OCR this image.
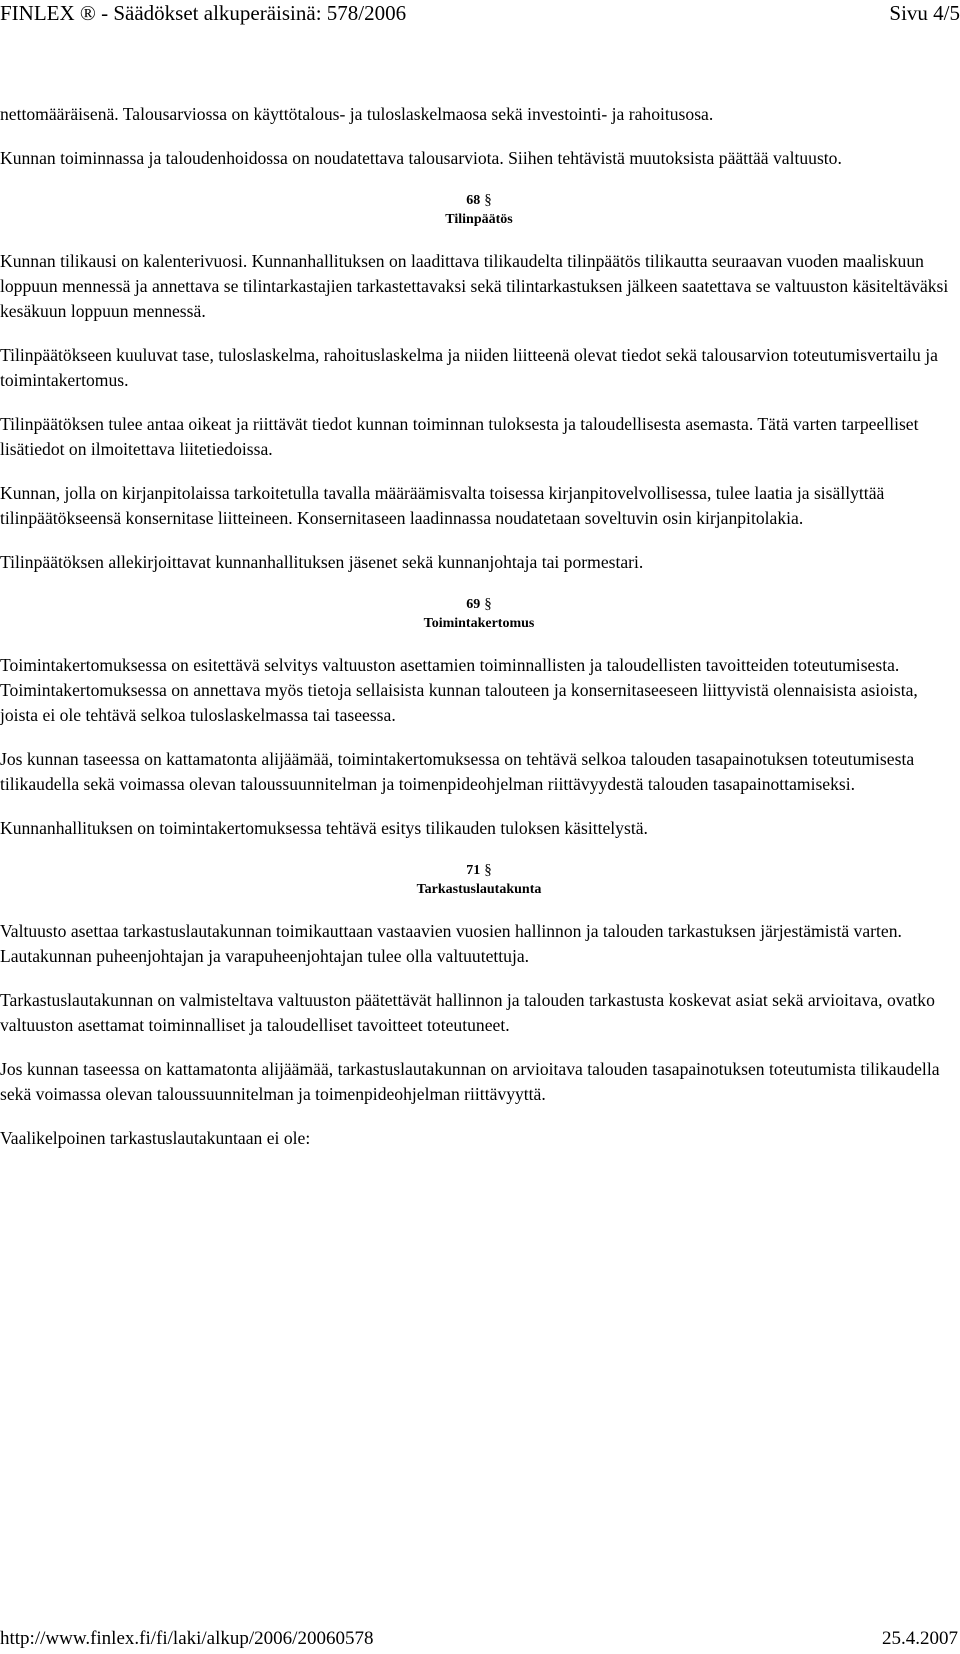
FINLEX ® - Säädökset alkuperäisinä: 578/2006	Sivu 4/5

nettomääräisenä. Talousarviossa on käyttötalous- ja tuloslaskelmaosa sekä investointi- ja rahoitusosa.

Kunnan toiminnassa ja taloudenhoidossa on noudatettava talousarviota. Siihen tehtävistä muutoksista päättää valtuusto.

68 §
Tilinpäätös

Kunnan tilikausi on kalenterivuosi. Kunnanhallituksen on laadittava tilikaudelta tilinpäätös tilikautta seuraavan vuoden maaliskuun loppuun mennessä ja annettava se tilintarkastajien tarkastettavaksi sekä tilintarkastuksen jälkeen saatettava se valtuuston käsiteltäväksi kesäkuun loppuun mennessä.

Tilinpäätökseen kuuluvat tase, tuloslaskelma, rahoituslaskelma ja niiden liitteenä olevat tiedot sekä talousarvion toteutumisvertailu ja toimintakertomus.

Tilinpäätöksen tulee antaa oikeat ja riittävät tiedot kunnan toiminnan tuloksesta ja taloudellisesta asemasta. Tätä varten tarpeelliset lisätiedot on ilmoitettava liitetiedoissa.

Kunnan, jolla on kirjanpitolaissa tarkoitetulla tavalla määräämisvalta toisessa kirjanpitovelvollisessa, tulee laatia ja sisällyttää tilinpäätökseensä konsernitase liitteineen. Konsernitaseen laadinnassa noudatetaan soveltuvin osin kirjanpitolakia.

Tilinpäätöksen allekirjoittavat kunnanhallituksen jäsenet sekä kunnanjohtaja tai pormestari.

69 §
Toimintakertomus

Toimintakertomuksessa on esitettävä selvitys valtuuston asettamien toiminnallisten ja taloudellisten tavoitteiden toteutumisesta. Toimintakertomuksessa on annettava myös tietoja sellaisista kunnan talouteen ja konsernitaseeseen liittyvistä olennaisista asioista, joista ei ole tehtävä selkoa tuloslaskelmassa tai taseessa.

Jos kunnan taseessa on kattamatonta alijäämää, toimintakertomuksessa on tehtävä selkoa talouden tasapainotuksen toteutumisesta tilikaudella sekä voimassa olevan taloussuunnitelman ja toimenpideohjelman riittävyydestä talouden tasapainottamiseksi.

Kunnanhallituksen on toimintakertomuksessa tehtävä esitys tilikauden tuloksen käsittelystä.

71 §
Tarkastuslautakunta

Valtuusto asettaa tarkastuslautakunnan toimikauttaan vastaavien vuosien hallinnon ja talouden tarkastuksen järjestämistä varten. Lautakunnan puheenjohtajan ja varapuheenjohtajan tulee olla valtuutettuja.

Tarkastuslautakunnan on valmisteltava valtuuston päätettävät hallinnon ja talouden tarkastusta koskevat asiat sekä arvioitava, ovatko valtuuston asettamat toiminnalliset ja taloudelliset tavoitteet toteutuneet.

Jos kunnan taseessa on kattamatonta alijäämää, tarkastuslautakunnan on arvioitava talouden tasapainotuksen toteutumista tilikaudella sekä voimassa olevan taloussuunnitelman ja toimenpideohjelman riittävyyttä.

Vaalikelpoinen tarkastuslautakuntaan ei ole:

http://www.finlex.fi/fi/laki/alkup/2006/20060578	25.4.2007
